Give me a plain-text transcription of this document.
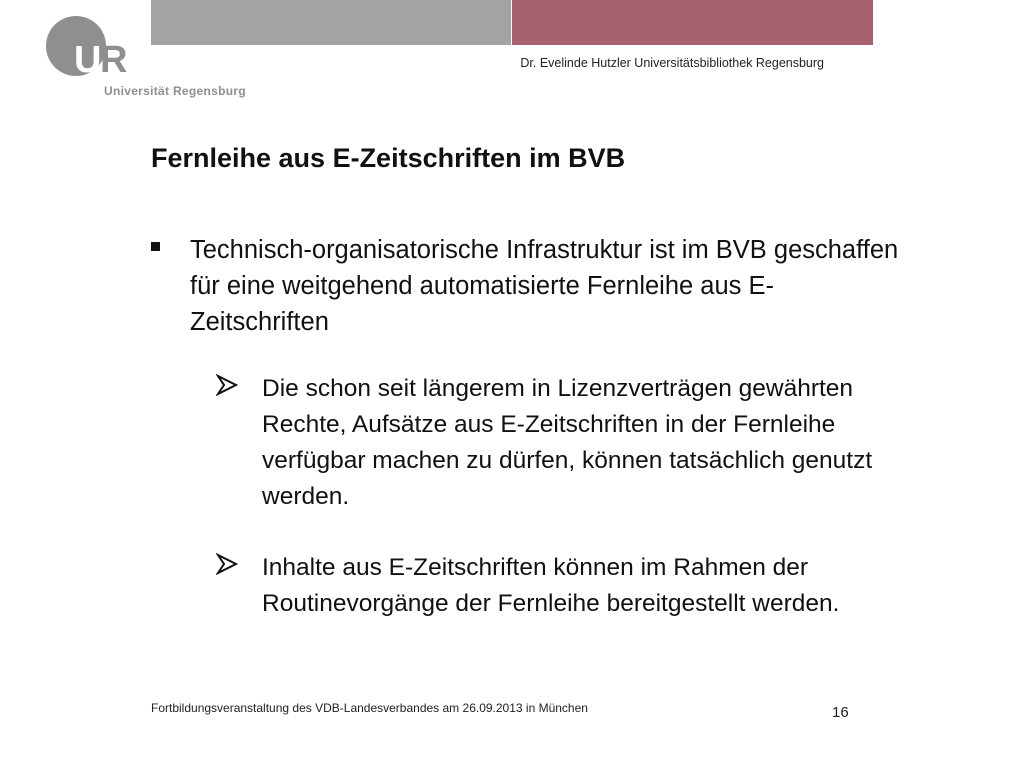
U
R

Universität Regensburg

Dr. Evelinde Hutzler Universitätsbibliothek Regensburg

Fernleihe aus E-Zeitschriften im BVB

Technisch-organisatorische Infrastruktur ist im BVB geschaffen für eine weitgehend automatisierte Fernleihe aus E-Zeitschriften

Die schon seit längerem in Lizenzverträgen gewährten Rechte, Aufsätze aus E-Zeitschriften in der Fernleihe verfügbar machen zu dürfen, können tatsächlich genutzt werden.

Inhalte aus E-Zeitschriften können im Rahmen der Routinevorgänge der Fernleihe bereitgestellt werden.

Fortbildungsveranstaltung des VDB-Landesverbandes am 26.09.2013 in München	16
